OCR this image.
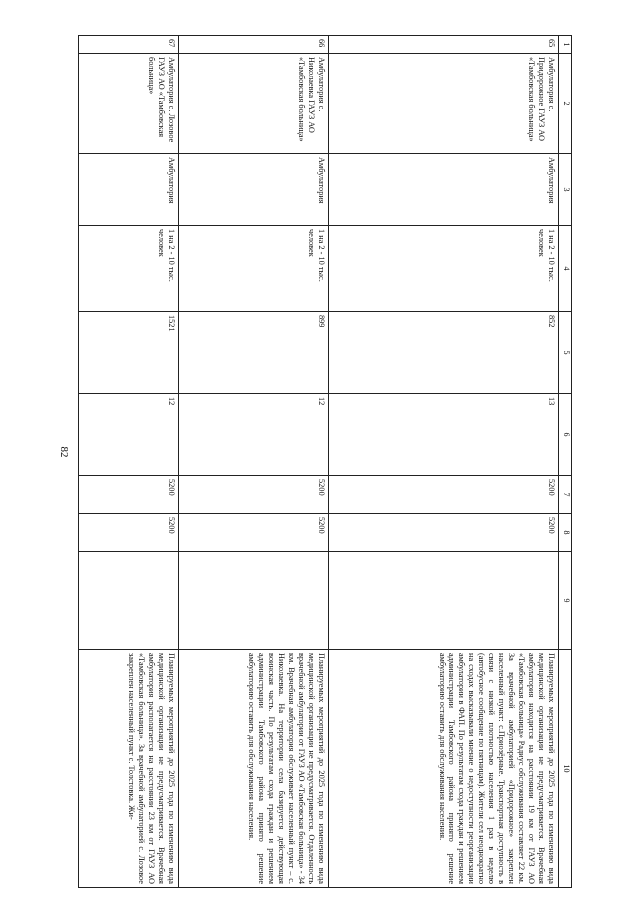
82
1	2	3	4	5	6	7	8	9	10
65	Амбулатория с. Придорожное ГАУЗ АО «Тамбовская больница»	Амбулатория	1 на 2 - 10 тыс. человек	852	13	5200	5200		Планируемых мероприятий до 2025 года по изменению вида медицинской организации не предусматривается. Врачебная амбулатория находится на расстоянии 19 км от ГАУЗ АО «Тамбовская больница» Радиус обслуживания составляет 22 км. За врачебной амбулаторией «Придорожное» закреплен населенный пункт: с.Приозёрные. Транспортная доступность в связи с низкой плотностью населения 1 раз в неделю (автобусное сообщение по пятницам). Жители сел неоднократно на сходах высказывали мнение о недоступности реорганизации амбулатории в ФАП. По результатам схода граждан и решением администрации Тамбовского района принято решение амбулаторию оставить для обслуживания населения.
66	Амбулатория с. Николаевка ГАУЗ АО «Тамбовская больница»	Амбулатория	1 на 2 - 10 тыс. человек	899	12	5200	5200		Планируемых мероприятий до 2025 года по изменению вида медицинской организации не предусматривается. Отдаленность врачебной амбулатории от ГАУЗ АО «Тамбовская больница» - 34 км. Врачебная амбулатория обслуживает населенный пункт – с. Николаевка. На территории села базируется действующая воинская часть. По результатам схода граждан и решением администрации Тамбовского района принято решение амбулаторию оставить для обслуживания населения.
67	Амбулатория с. Лозовое ГАУЗ АО «Тамбовская больница»	Амбулатория	1 на 2 - 10 тыс. человек	1521	12	5200	5200		Планируемых мероприятий до 2025 года по изменению вида медицинской организации не предусматривается. Врачебная амбулатория располагается на расстоянии 23 км от ГАУЗ АО «Тамбовская больница». За врачебной амбулаторией с. Лозовое закреплен населенный пункт с. Толстовка. Жи-
